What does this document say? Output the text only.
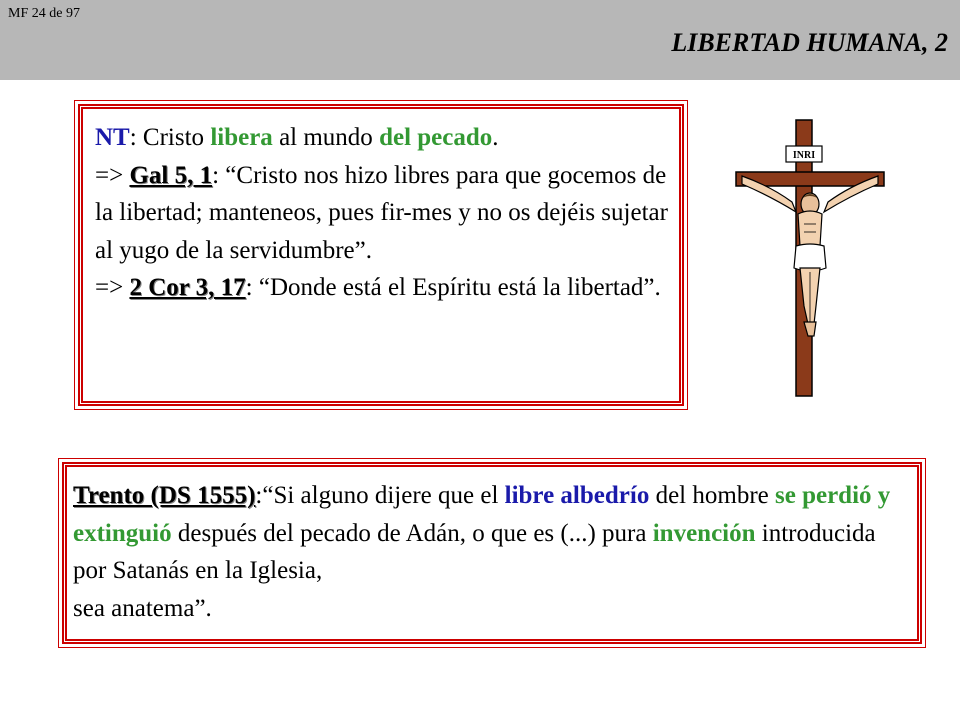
MF 24 de 97
LIBERTAD HUMANA, 2
NT: Cristo libera al mundo del pecado.
=> Gal 5, 1: “Cristo nos hizo libres para que gocemos de la libertad; manteneos, pues fir-mes y no os dejéis sujetar al yugo de la servidumbre”.
=> 2 Cor 3, 17: “Donde está el Espíritu está la libertad”.
INRI
Trento (DS 1555):“Si alguno dijere que el libre albedrío del hombre se perdió y extinguió después del pecado de Adán, o que es (...) pura invención introducida por Satanás en la Iglesia,
sea anatema”.
